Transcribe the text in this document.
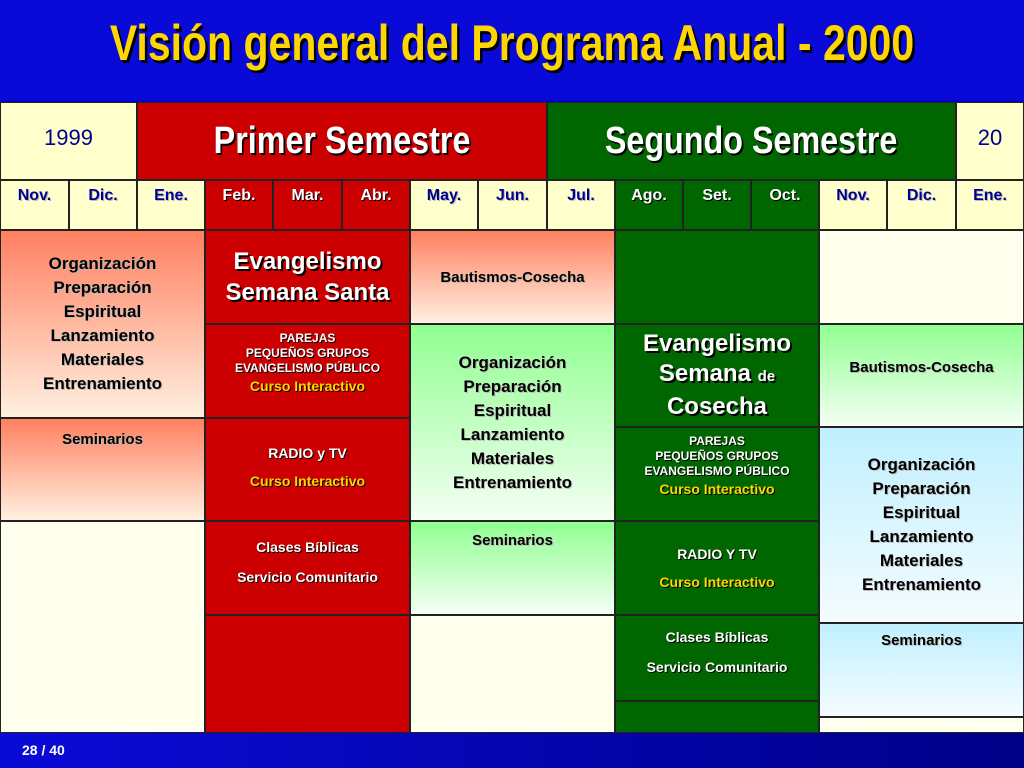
Visión general del Programa Anual - 2000
1999	Primer Semestre	Segundo Semestre	20
Nov.	Dic.	Ene.	Feb.	Mar.	Abr.	May.	Jun.	Jul.	Ago.	Set.	Oct.	Nov.	Dic.	Ene.
Organización
Preparación
Espiritual
Lanzamiento
Materiales
Entrenamiento
Seminarios
Evangelismo
Semana Santa
PAREJAS
PEQUEÑOS GRUPOS
EVANGELISMO PÚBLICO
Curso Interactivo
RADIO y TV
Curso Interactivo
Clases Bíblicas
Servicio Comunitario
Bautismos-Cosecha
Organización
Preparación
Espiritual
Lanzamiento
Materiales
Entrenamiento
Seminarios
Evangelismo
Semana de
Cosecha
PAREJAS
PEQUEÑOS GRUPOS
EVANGELISMO PÚBLICO
Curso Interactivo
RADIO Y TV
Curso Interactivo
Clases Bíblicas
Servicio Comunitario
Bautismos-Cosecha
Organización
Preparación
Espiritual
Lanzamiento
Materiales
Entrenamiento
Seminarios
28 / 40
